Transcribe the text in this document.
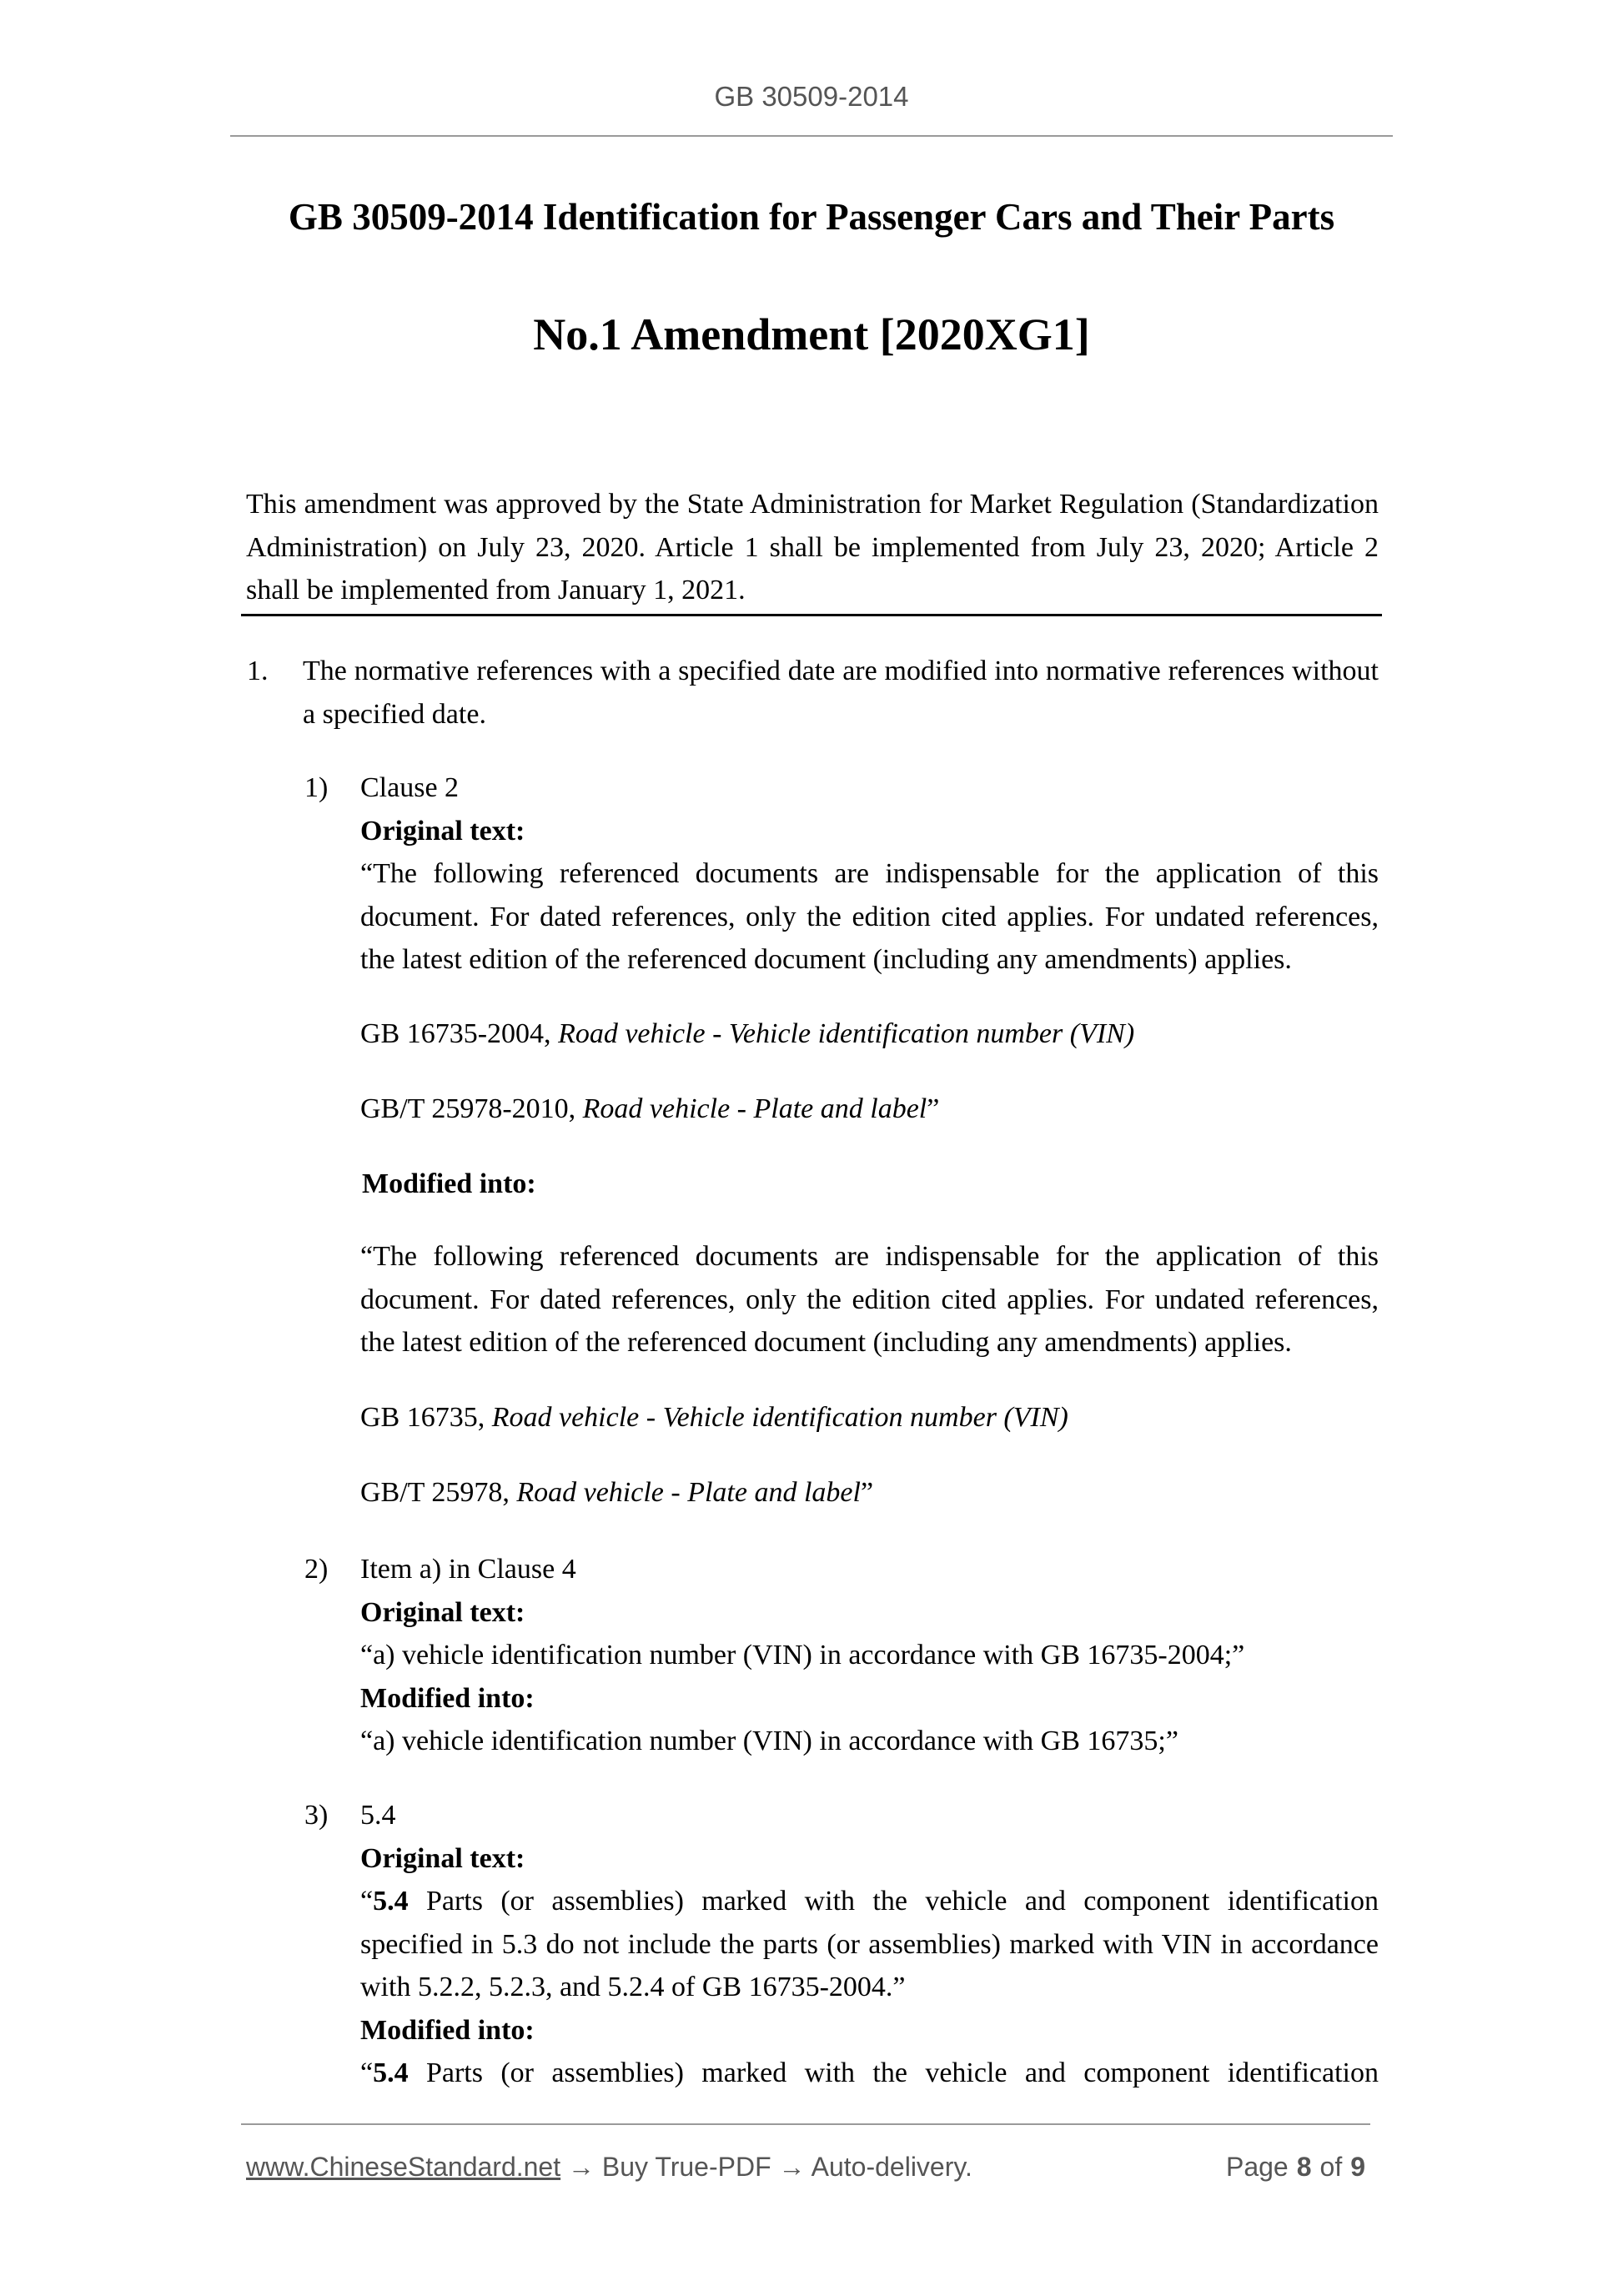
GB 30509-2014
GB 30509-2014 Identification for Passenger Cars and Their Parts
No.1 Amendment [2020XG1]
This amendment was approved by the State Administration for Market Regulation (Standardization Administration) on July 23, 2020. Article 1 shall be implemented from July 23, 2020; Article 2 shall be implemented from January 1, 2021.
1. The normative references with a specified date are modified into normative references without a specified date.
1) Clause 2
Original text:
“The following referenced documents are indispensable for the application of this document. For dated references, only the edition cited applies. For undated references, the latest edition of the referenced document (including any amendments) applies.
GB 16735-2004, Road vehicle - Vehicle identification number (VIN)
GB/T 25978-2010, Road vehicle - Plate and label”
Modified into:
“The following referenced documents are indispensable for the application of this document. For dated references, only the edition cited applies. For undated references, the latest edition of the referenced document (including any amendments) applies.
GB 16735, Road vehicle - Vehicle identification number (VIN)
GB/T 25978, Road vehicle - Plate and label”
2) Item a) in Clause 4
Original text:
“a) vehicle identification number (VIN) in accordance with GB 16735-2004;”
Modified into:
“a) vehicle identification number (VIN) in accordance with GB 16735;”
3) 5.4
Original text:
“5.4 Parts (or assemblies) marked with the vehicle and component identification specified in 5.3 do not include the parts (or assemblies) marked with VIN in accordance with 5.2.2, 5.2.3, and 5.2.4 of GB 16735-2004.”
Modified into:
“5.4 Parts (or assemblies) marked with the vehicle and component identification
www.ChineseStandard.net → Buy True-PDF → Auto-delivery.	Page 8 of 9
